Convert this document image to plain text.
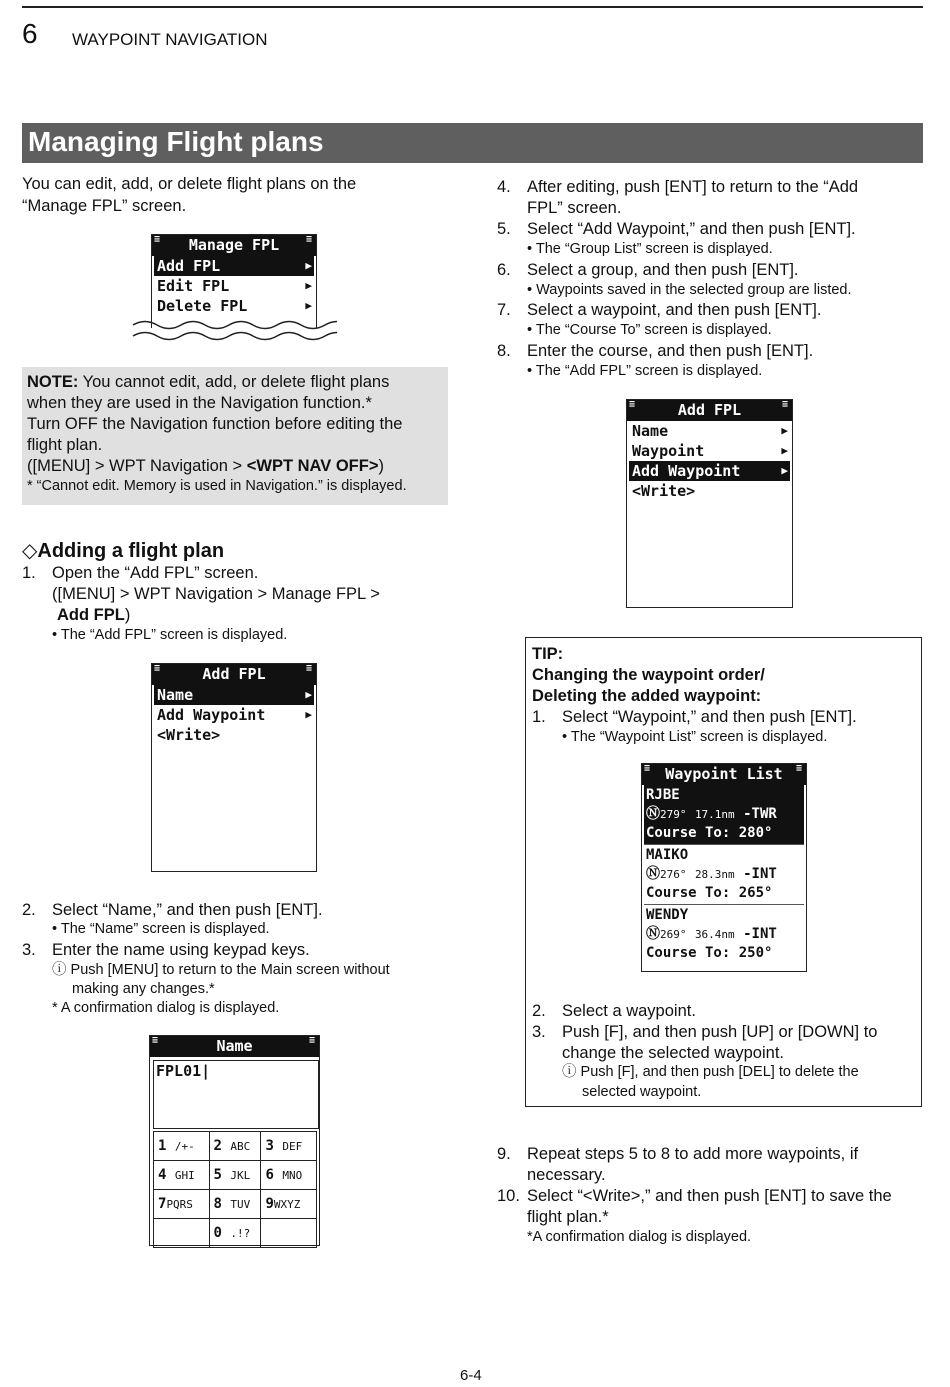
6 WAYPOINT NAVIGATION
Managing Flight plans
You can edit, add, or delete flight plans on the
“Manage FPL” screen.
≡ Manage FPL	≡
Add FPL	▶
Edit FPL	▶
Delete FPL	▶
NOTE: You cannot edit, add, or delete flight plans
when they are used in the Navigation function.*
Turn OFF the Navigation function before editing the
flight plan.
([MENU] > WPT Navigation > <WPT NAV OFF>)
* “Cannot edit. Memory is used in Navigation.” is displayed.
◇Adding a flight plan
1. Open the “Add FPL” screen.
([MENU] > WPT Navigation > Manage FPL >
Add FPL)
• The “Add FPL” screen is displayed.
≡	Add FPL	≡
Name	▶
Add Waypoint	▶
<Write>
2. Select “Name,” and then push [ENT].
• The “Name” screen is displayed.
3. Enter the name using keypad keys.
ⓘ Push [MENU] to return to the Main screen without
making any changes.*
* A confirmation dialog is displayed.
≡	Name	≡
FPL01|
1 /+-	2 ABC	3 DEF
4 GHI	5 JKL	6 MNO
7PQRS	8 TUV	9WXYZ
	0 .!?	
4. After editing, push [ENT] to return to the “Add
FPL” screen.
5. Select “Add Waypoint,” and then push [ENT].
• The “Group List” screen is displayed.
6. Select a group, and then push [ENT].
• Waypoints saved in the selected group are listed.
7. Select a waypoint, and then push [ENT].
• The “Course To” screen is displayed.
8. Enter the course, and then push [ENT].
• The “Add FPL” screen is displayed.
≡	Add FPL	≡
Name	▶
Waypoint	▶
Add Waypoint	▶
<Write>
TIP:
Changing the waypoint order/
Deleting the added waypoint:
1. Select “Waypoint,” and then push [ENT].
• The “Waypoint List” screen is displayed.
≡ Waypoint List ≡
RJBE
Ⓝ279° 17.1nm -TWR
Course To: 280°
MAIKO
Ⓝ276° 28.3nm -INT
Course To: 265°
WENDY
Ⓝ269° 36.4nm -INT
Course To: 250°
2. Select a waypoint.
3. Push [F], and then push [UP] or [DOWN] to
change the selected waypoint.
ⓘ Push [F], and then push [DEL] to delete the
selected waypoint.
9. Repeat steps 5 to 8 to add more waypoints, if
necessary.
10. Select “<Write>,” and then push [ENT] to save the
flight plan.*
*A confirmation dialog is displayed.
6-4
